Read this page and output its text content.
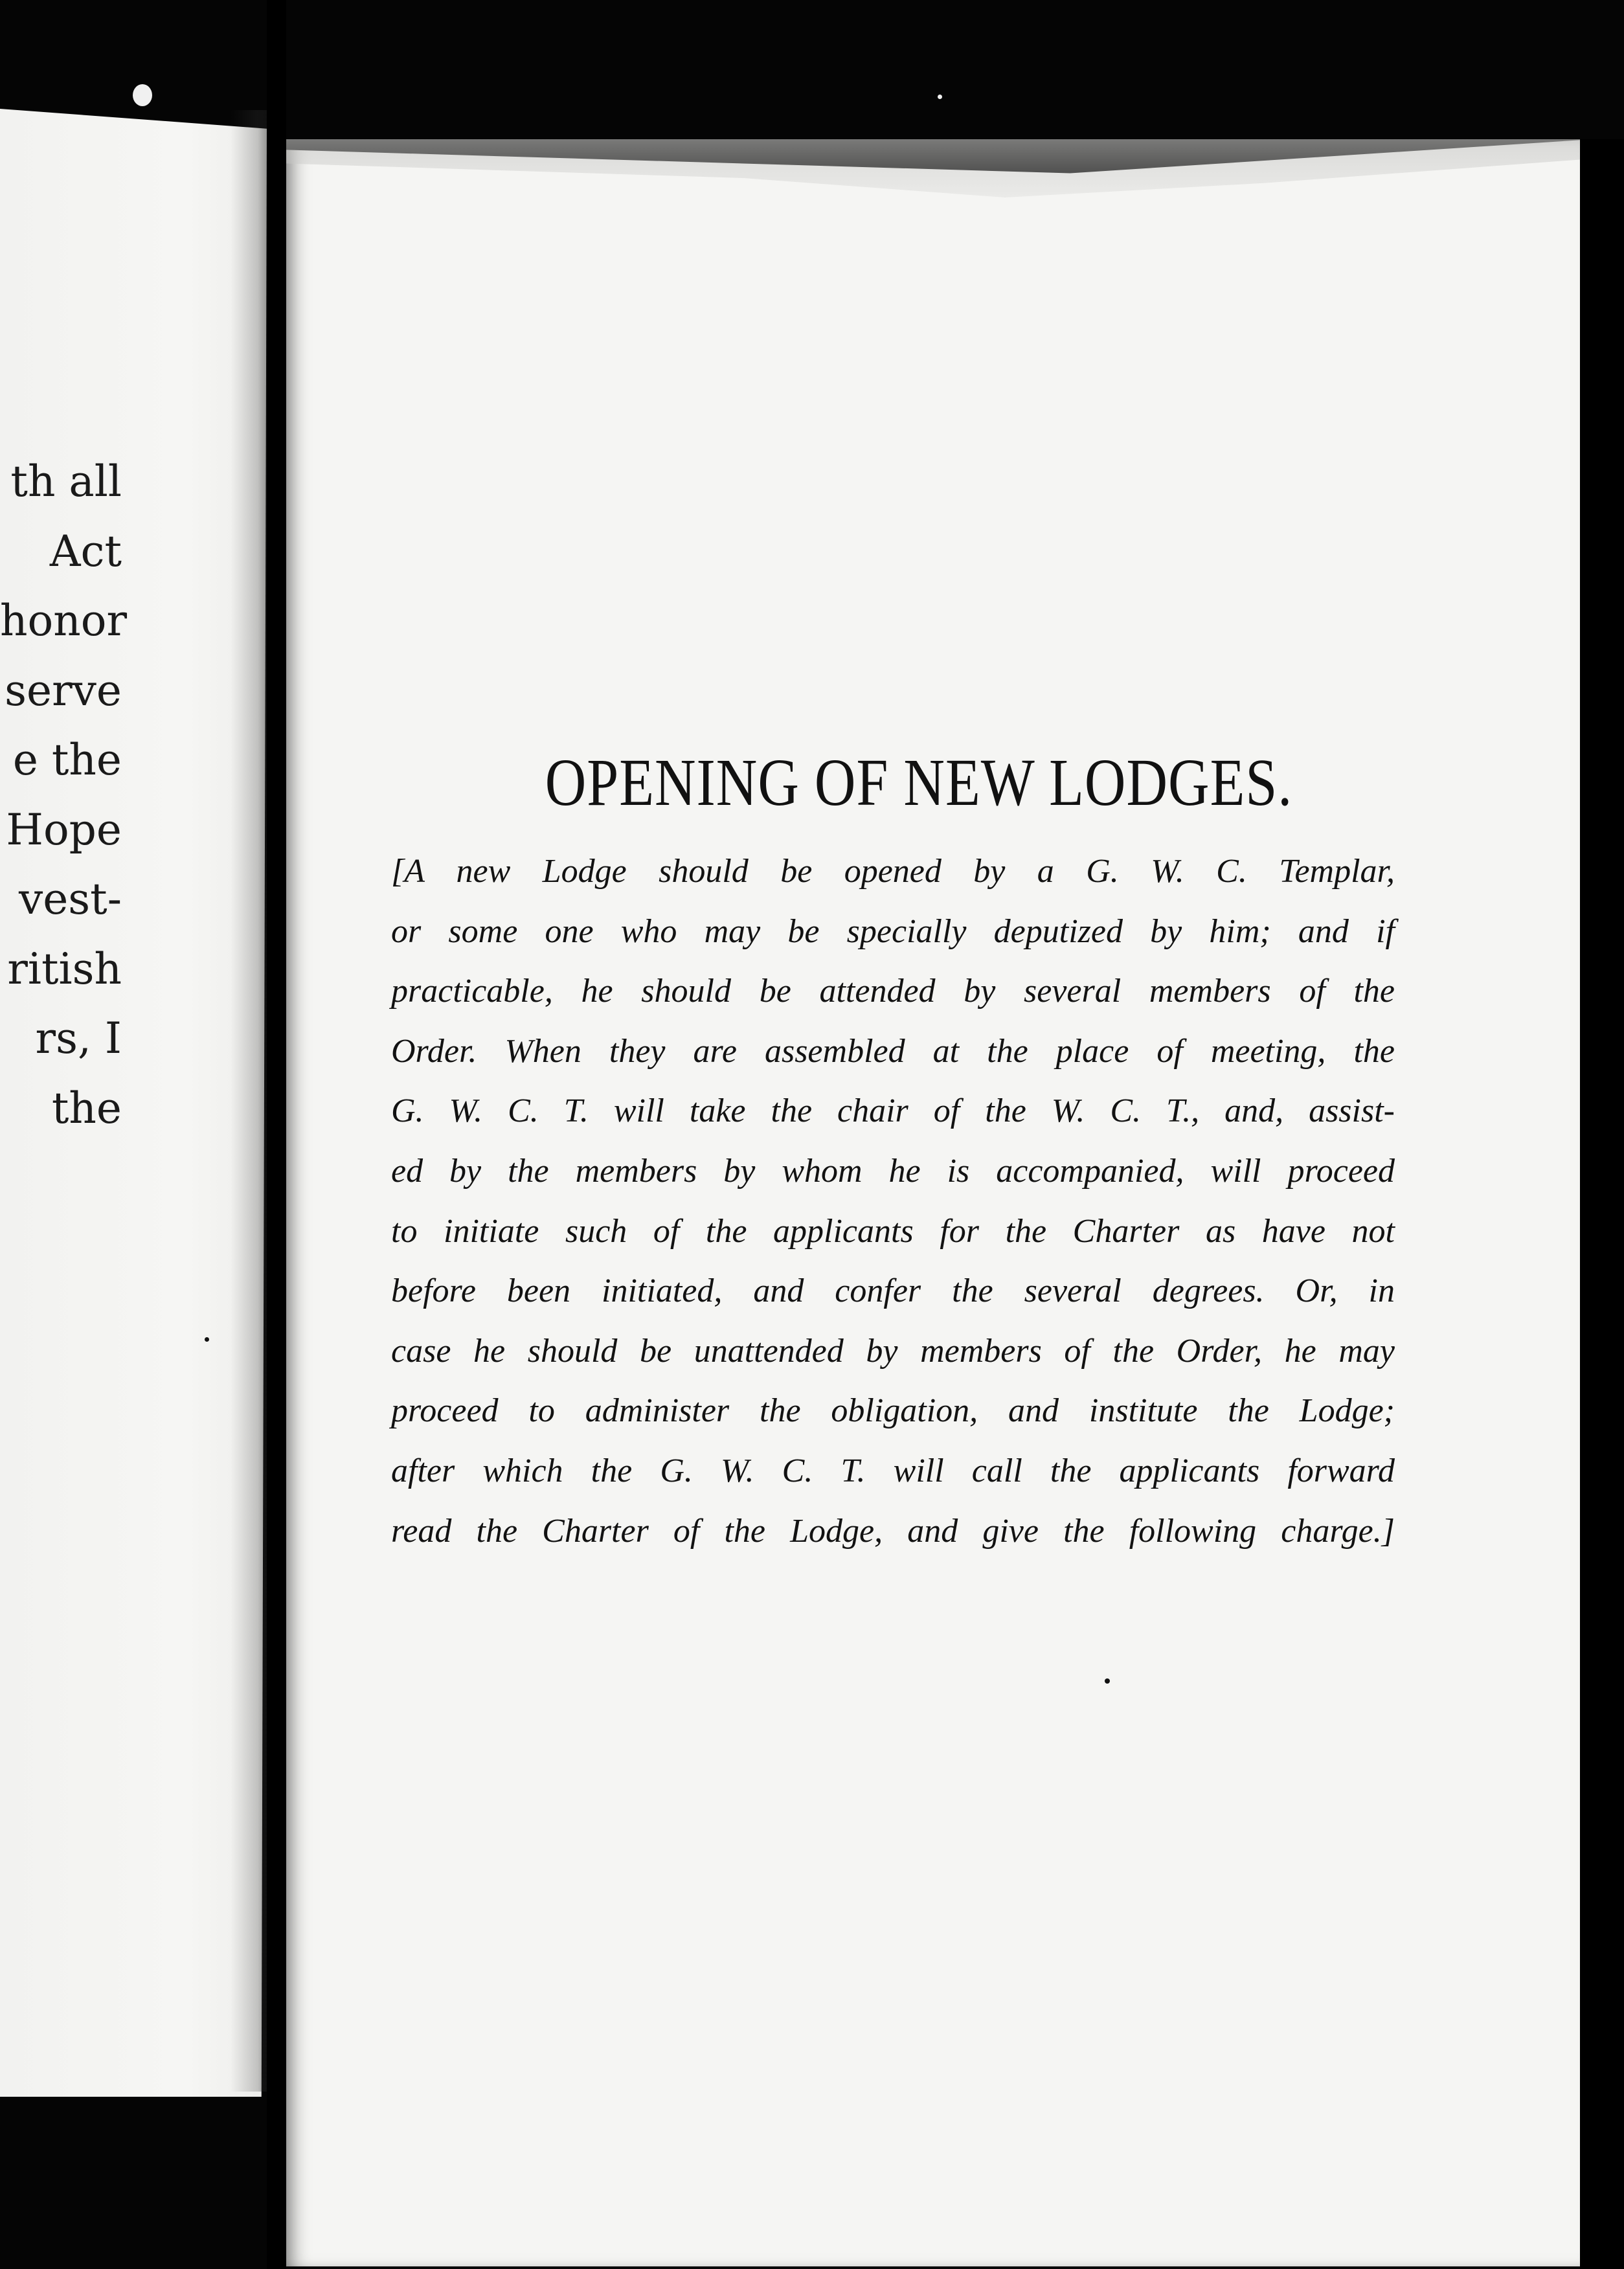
th all
Act
honor
serve
e the
Hope
vest-
ritish
rs, I
the
OPENING OF NEW LODGES.
[A new Lodge should be opened by a G. W. C. Templar,
or some one who may be specially deputized by him; and if
practicable, he should be attended by several members of the
Order. When they are assembled at the place of meeting, the
G. W. C. T. will take the chair of the W. C. T., and, assist-
ed by the members by whom he is accompanied, will proceed
to initiate such of the applicants for the Charter as have not
before been initiated, and confer the several degrees. Or, in
case he should be unattended by members of the Order, he may
proceed to administer the obligation, and institute the Lodge;
after which the G. W. C. T. will call the applicants forward
read the Charter of the Lodge, and give the following charge.]
